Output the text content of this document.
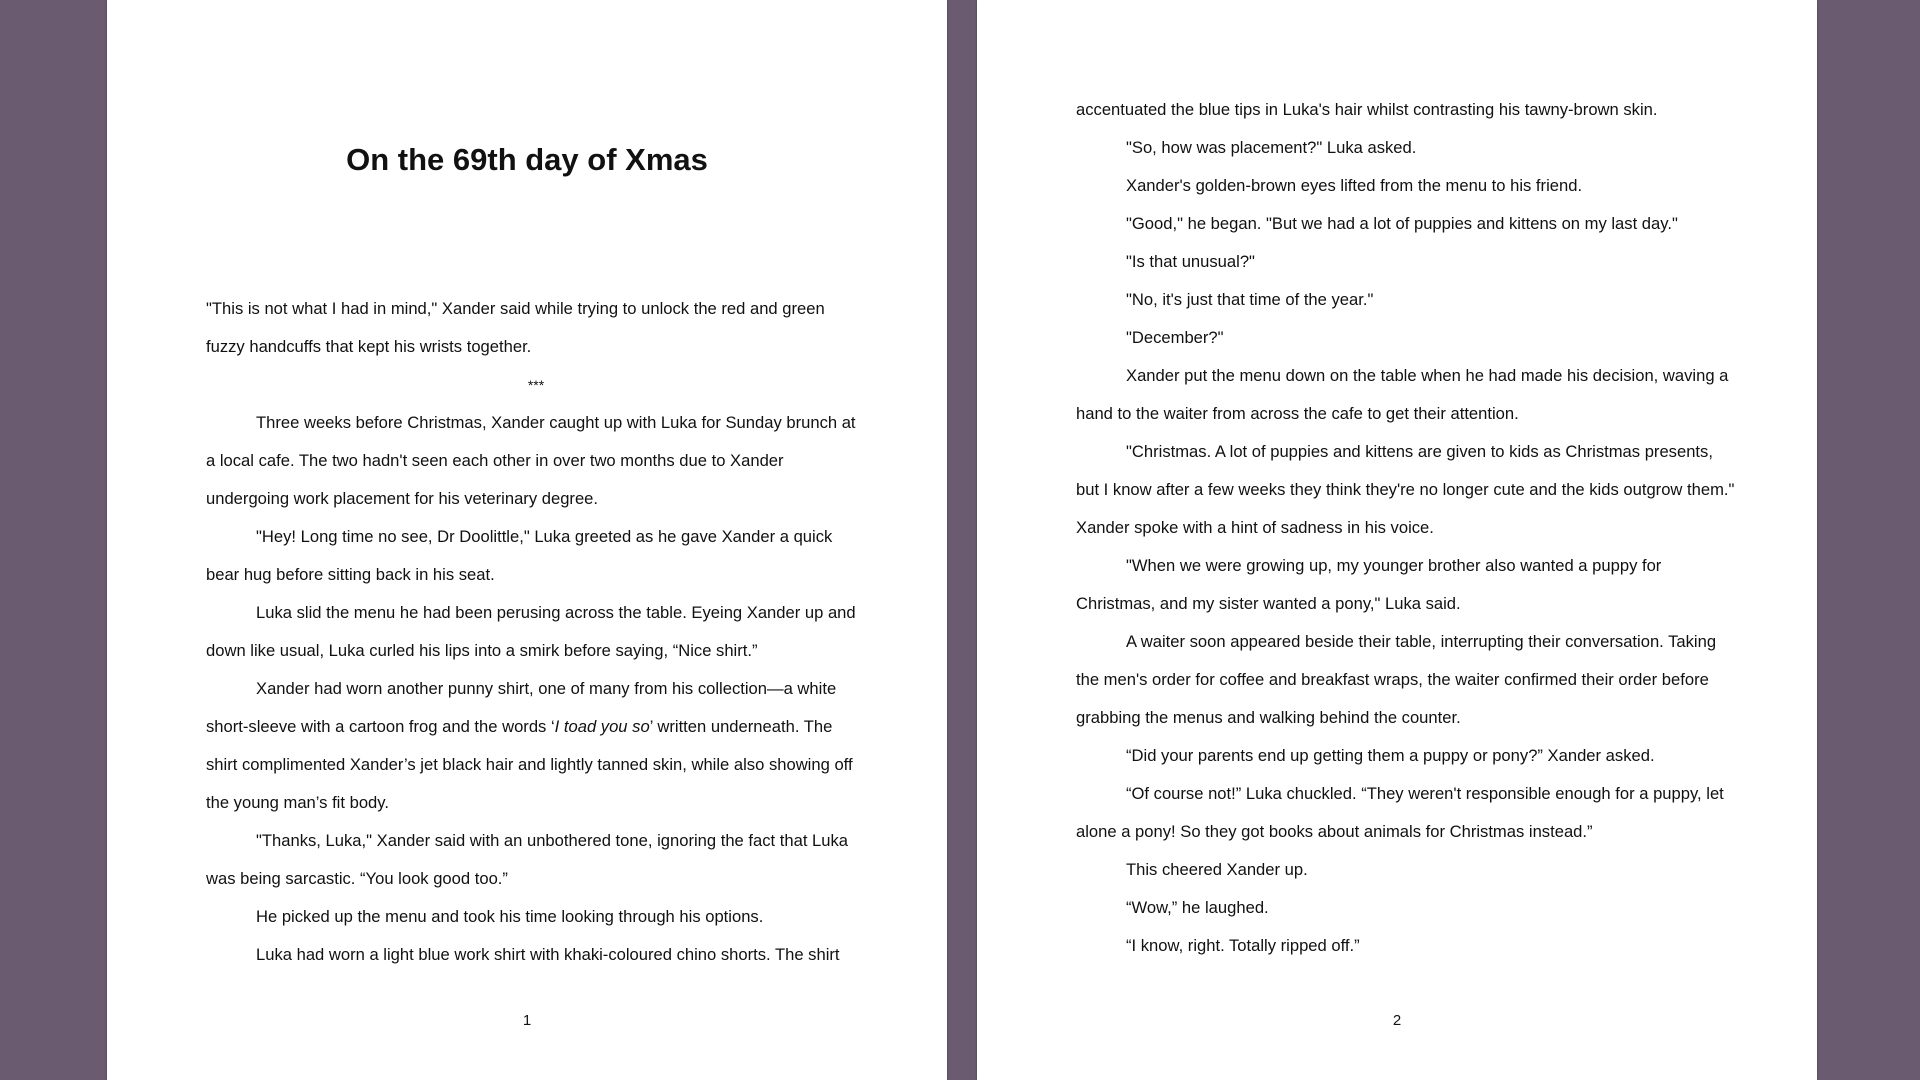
On the 69th day of Xmas

"This is not what I had in mind," Xander said while trying to unlock the red and green fuzzy handcuffs that kept his wrists together.

***

Three weeks before Christmas, Xander caught up with Luka for Sunday brunch at a local cafe. The two hadn't seen each other in over two months due to Xander undergoing work placement for his veterinary degree.

"Hey! Long time no see, Dr Doolittle," Luka greeted as he gave Xander a quick bear hug before sitting back in his seat.

Luka slid the menu he had been perusing across the table. Eyeing Xander up and down like usual, Luka curled his lips into a smirk before saying, “Nice shirt.”

Xander had worn another punny shirt, one of many from his collection—a white short-sleeve with a cartoon frog and the words ‘I toad you so’ written underneath. The shirt complimented Xander’s jet black hair and lightly tanned skin, while also showing off the young man’s fit body.

"Thanks, Luka," Xander said with an unbothered tone, ignoring the fact that Luka was being sarcastic. “You look good too.”

He picked up the menu and took his time looking through his options.

Luka had worn a light blue work shirt with khaki-coloured chino shorts. The shirt

1

accentuated the blue tips in Luka's hair whilst contrasting his tawny-brown skin.

"So, how was placement?" Luka asked.

Xander's golden-brown eyes lifted from the menu to his friend.

"Good," he began. "But we had a lot of puppies and kittens on my last day."

"Is that unusual?"

"No, it's just that time of the year."

"December?"

Xander put the menu down on the table when he had made his decision, waving a hand to the waiter from across the cafe to get their attention.

"Christmas. A lot of puppies and kittens are given to kids as Christmas presents, but I know after a few weeks they think they're no longer cute and the kids outgrow them." Xander spoke with a hint of sadness in his voice.

"When we were growing up, my younger brother also wanted a puppy for Christmas, and my sister wanted a pony," Luka said.

A waiter soon appeared beside their table, interrupting their conversation. Taking the men's order for coffee and breakfast wraps, the waiter confirmed their order before grabbing the menus and walking behind the counter.

“Did your parents end up getting them a puppy or pony?” Xander asked.

“Of course not!” Luka chuckled. “They weren't responsible enough for a puppy, let alone a pony! So they got books about animals for Christmas instead.”

This cheered Xander up.

“Wow,” he laughed.

“I know, right. Totally ripped off.”

2
